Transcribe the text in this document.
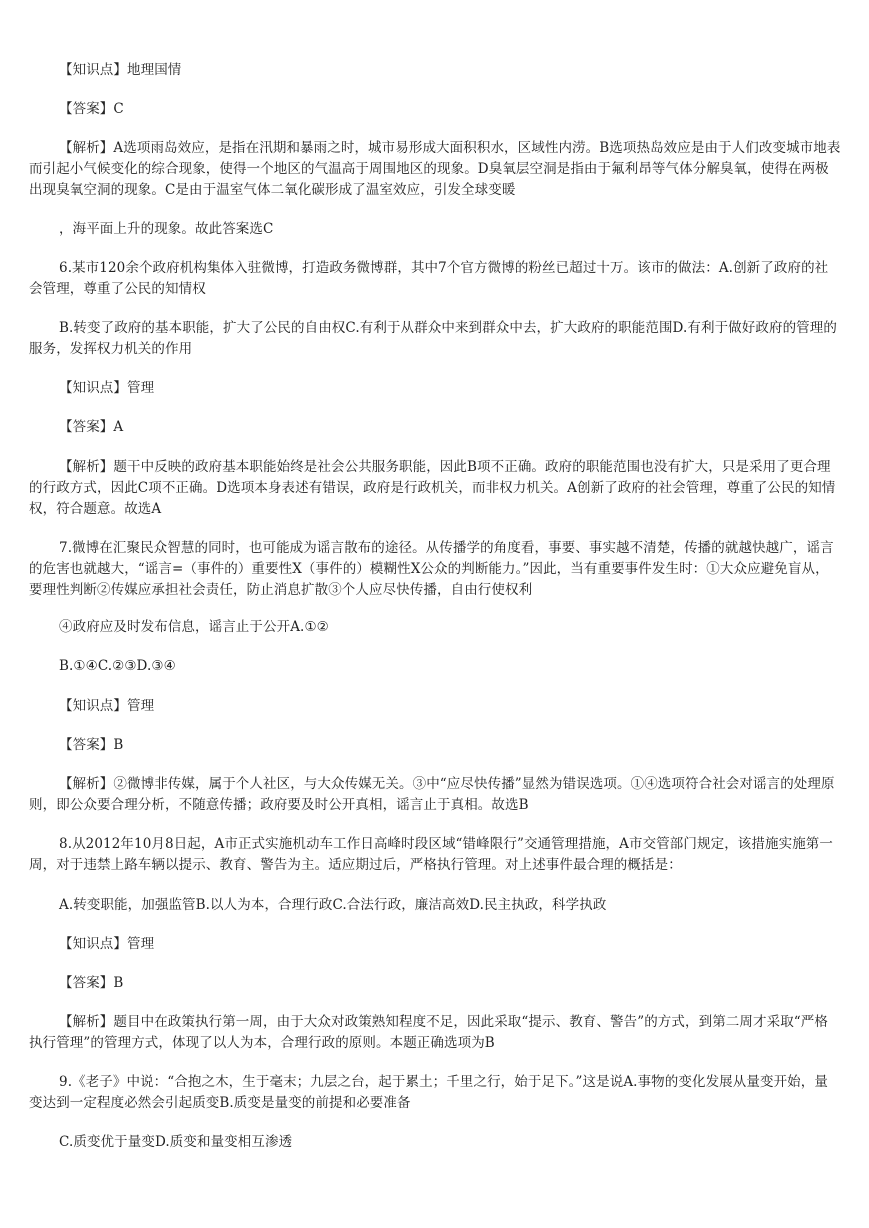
【知识点】地理国情

【答案】C

【解析】A选项雨岛效应，是指在汛期和暴雨之时，城市易形成大面积积水，区域性内涝。B选项热岛效应是由于人们改变城市地表而引起小气候变化的综合现象，使得一个地区的气温高于周围地区的现象。D臭氧层空洞是指由于氟利昂等气体分解臭氧，使得在两极出现臭氧空洞的现象。C是由于温室气体二氧化碳形成了温室效应，引发全球变暖

，海平面上升的现象。故此答案选C

6.某市120余个政府机构集体入驻微博，打造政务微博群，其中7个官方微博的粉丝已超过十万。该市的做法：A.创新了政府的社会管理，尊重了公民的知情权

B.转变了政府的基本职能，扩大了公民的自由权C.有利于从群众中来到群众中去，扩大政府的职能范围D.有利于做好政府的管理的服务，发挥权力机关的作用

【知识点】管理

【答案】A

【解析】题干中反映的政府基本职能始终是社会公共服务职能，因此B项不正确。政府的职能范围也没有扩大，只是采用了更合理的行政方式，因此C项不正确。D选项本身表述有错误，政府是行政机关，而非权力机关。A创新了政府的社会管理，尊重了公民的知情权，符合题意。故选A

7.微博在汇聚民众智慧的同时，也可能成为谣言散布的途径。从传播学的角度看，事要、事实越不清楚，传播的就越快越广，谣言的危害也就越大，“谣言=（事件的）重要性X（事件的）模糊性X公众的判断能力。”因此，当有重要事件发生时：①大众应避免盲从，要理性判断②传媒应承担社会责任，防止消息扩散③个人应尽快传播，自由行使权利

④政府应及时发布信息，谣言止于公开A.①②

B.①④C.②③D.③④

【知识点】管理

【答案】B

【解析】②微博非传媒，属于个人社区，与大众传媒无关。③中“应尽快传播”显然为错误选项。①④选项符合社会对谣言的处理原则，即公众要合理分析，不随意传播；政府要及时公开真相，谣言止于真相。故选B

8.从2012年10月8日起，A市正式实施机动车工作日高峰时段区域“错峰限行”交通管理措施，A市交管部门规定，该措施实施第一周，对于违禁上路车辆以提示、教育、警告为主。适应期过后，严格执行管理。对上述事件最合理的概括是：

A.转变职能，加强监管B.以人为本，合理行政C.合法行政，廉洁高效D.民主执政，科学执政

【知识点】管理

【答案】B

【解析】题目中在政策执行第一周，由于大众对政策熟知程度不足，因此采取“提示、教育、警告”的方式，到第二周才采取“严格执行管理”的管理方式，体现了以人为本，合理行政的原则。本题正确选项为B

9.《老子》中说：“合抱之木，生于毫末；九层之台，起于累土；千里之行，始于足下。”这是说A.事物的变化发展从量变开始，量变达到一定程度必然会引起质变B.质变是量变的前提和必要准备

C.质变优于量变D.质变和量变相互渗透
